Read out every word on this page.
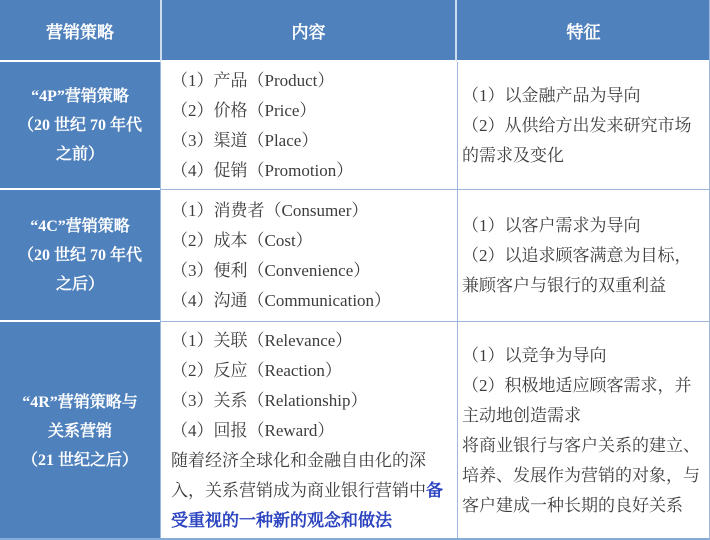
营销策略	内容	特征
“4P”营销策略
（20 世纪 70 年代
之前）

（1）产品（Product）

（2）价格（Price）

（3）渠道（Place）

（4）促销（Promotion）

（1）以金融产品为导向

（2）从供给方出发来研究市场的需求及变化

“4C”营销策略
（20 世纪 70 年代
之后）

（1）消费者（Consumer）

（2）成本（Cost）

（3）便利（Convenience）

（4）沟通（Communication）

（1）以客户需求为导向

（2）以追求顾客满意为目标，兼顾客户与银行的双重利益

“4R”营销策略与
关系营销
（21 世纪之后）

（1）关联（Relevance）

（2）反应（Reaction）

（3）关系（Relationship）

（4）回报（Reward）

随着经济全球化和金融自由化的深入，关系营销成为商业银行营销中备受重视的一种新的观念和做法

（1）以竞争为导向

（2）积极地适应顾客需求，并主动地创造需求

将商业银行与客户关系的建立、培养、发展作为营销的对象，与客户建成一种长期的良好关系
